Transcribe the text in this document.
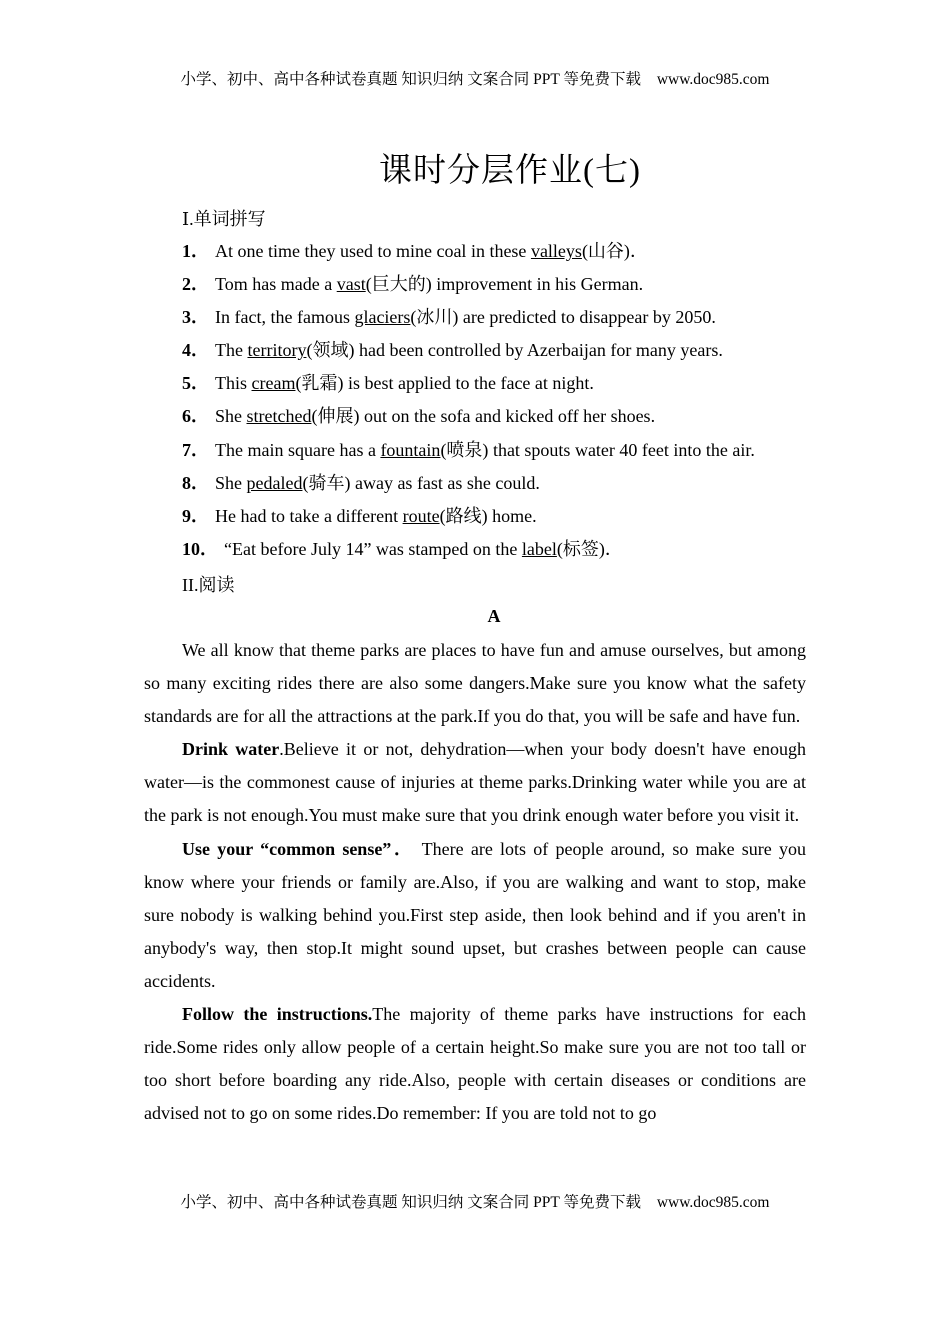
小学、初中、高中各种试卷真题 知识归纳 文案合同 PPT 等免费下载 www.doc985.com
课时分层作业(七)
Ⅰ.单词拼写
1． At one time they used to mine coal in these valleys(山谷)．
2． Tom has made a vast(巨大的) improvement in his German.
3． In fact, the famous glaciers(冰川) are predicted to disappear by 2050.
4． The territory(领域) had been controlled by Azerbaijan for many years.
5． This cream(乳霜) is best applied to the face at night.
6． She stretched(伸展) out on the sofa and kicked off her shoes.
7． The main square has a fountain(喷泉) that spouts water 40 feet into the air.
8． She pedaled(骑车) away as fast as she could.
9． He had to take a different route(路线) home.
10． “Eat before July 14” was stamped on the label(标签)．
II.阅读
A

We all know that theme parks are places to have fun and amuse ourselves, but among so many exciting rides there are also some dangers.Make sure you know what the safety standards are for all the attractions at the park.If you do that, you will be safe and have fun.

Drink water.Believe it or not, dehydration—when your body doesn't have enough water—is the commonest cause of injuries at theme parks.Drinking water while you are at the park is not enough.You must make sure that you drink enough water before you visit it.

Use your “common sense”． There are lots of people around, so make sure you know where your friends or family are.Also, if you are walking and want to stop, make sure nobody is walking behind you.First step aside, then look behind and if you aren't in anybody's way, then stop.It might sound upset, but crashes between people can cause accidents.

Follow the instructions.The majority of theme parks have instructions for each ride.Some rides only allow people of a certain height.So make sure you are not too tall or too short before boarding any ride.Also, people with certain diseases or conditions are advised not to go on some rides.Do remember: If you are told not to go

小学、初中、高中各种试卷真题 知识归纳 文案合同 PPT 等免费下载 www.doc985.com
